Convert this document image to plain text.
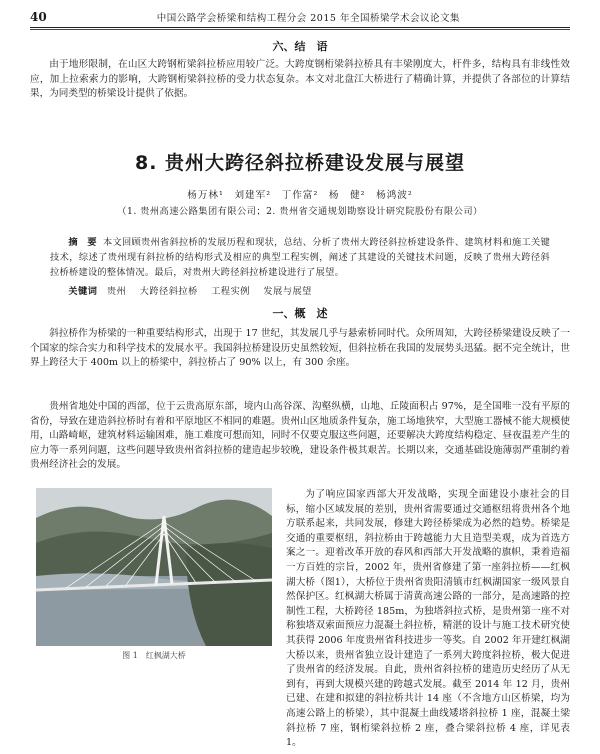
40	中国公路学会桥梁和结构工程分会 2015 年全国桥梁学术会议论文集
六、结　语
由于地形限制，在山区大跨钢桁梁斜拉桥应用较广泛。大跨度钢桁梁斜拉桥具有丰梁刚度大，杆件多，结构具有非线性效应，加上拉索索力的影响，大跨钢桁梁斜拉桥的受力状态复杂。本文对北盘江大桥进行了精确计算，并提供了各部位的计算结果，为同类型的桥梁设计提供了依据。
8. 贵州大跨径斜拉桥建设发展与展望
杨万林¹　刘建军²　丁作富²　杨　健²　杨鸿波²
（1. 贵州高速公路集团有限公司；2. 贵州省交通规划勘察设计研究院股份有限公司）
摘　要 本文回顾贵州省斜拉桥的发展历程和现状，总结、分析了贵州大跨径斜拉桥建设条件、建筑材料和施工关键技术，综述了贵州现有斜拉桥的结构形式及相应的典型工程实例，阐述了其建设的关键技术问题，反映了贵州大跨径斜拉桥桥建设的整体情况。最后，对贵州大跨径斜拉桥建设进行了展望。
关键词 贵州 大跨径斜拉桥 工程实例 发展与展望
一、概　述
斜拉桥作为桥梁的一种重要结构形式，出现于 17 世纪，其发展几乎与悬索桥同时代。众所周知，大跨径桥梁建设反映了一个国家的综合实力和科学技术的发展水平。我国斜拉桥建设历史虽然较短，但斜拉桥在我国的发展势头迅猛。据不完全统计，世界上跨径大于 400m 以上的桥梁中，斜拉桥占了 90% 以上，有 300 余座。
贵州省地处中国的西部，位于云贵高原东部，境内山高谷深、沟壑纵横，山地、丘陵面积占 97%，是全国唯一没有平原的省份，导致在建造斜拉桥时有着和平原地区不相同的难题。贵州山区地质条件复杂，施工场地狭窄，大型施工器械不能大规模使用，山路崎岖，建筑材料运输困难，施工难度可想而知，同时不仅要克服这些问题，还要解决大跨度结构稳定、昼夜温差产生的应力等一系列问题，这些问题导致贵州省斜拉桥的建造起步较晚，建设条件极其艰苦。长期以来，交通基础设施薄弱严重制约着贵州经济社会的发展。
图 1　红枫湖大桥
为了响应国家西部大开发战略，实现全面建设小康社会的目标，缩小区域发展的差别，贵州省需要通过交通枢纽将贵州各个地方联系起来，共同发展，修建大跨径桥梁成为必然的趋势。桥梁是交通的重要枢纽，斜拉桥由于跨越能力大且造型美观，成为首选方案之一。迎着改革开放的春风和西部大开发战略的旗帜，秉着造福一方百姓的宗旨，2002 年，贵州省修建了第一座斜拉桥——红枫湖大桥（图1），大桥位于贵州省贵阳清镇市红枫湖国家一级风景自然保护区。红枫湖大桥属于清黄高速公路的一部分，是高速路的控制性工程，大桥跨径 185m，为独塔斜拉式桥，是贵州第一座不对称独塔双索面预应力混凝土斜拉桥，精湛的设计与施工技术研究使其获得 2006 年度贵州省科技进步一等奖。自 2002 年开建红枫湖大桥以来，贵州省独立设计建造了一系列大跨度斜拉桥，极大促进了贵州省的经济发展。自此，贵州省斜拉桥的建造历史经历了从无到有，再到大规模兴建的跨越式发展。截至 2014 年 12 月，贵州已建、在建和拟建的斜拉桥共计 14 座（不含地方山区桥梁，均为高速公路上的桥梁），其中混凝土曲线矮塔斜拉桥 1 座，混凝土梁斜拉桥 7 座，钢桁梁斜拉桥 2 座，叠合梁斜拉桥 4 座，详见表 1。
